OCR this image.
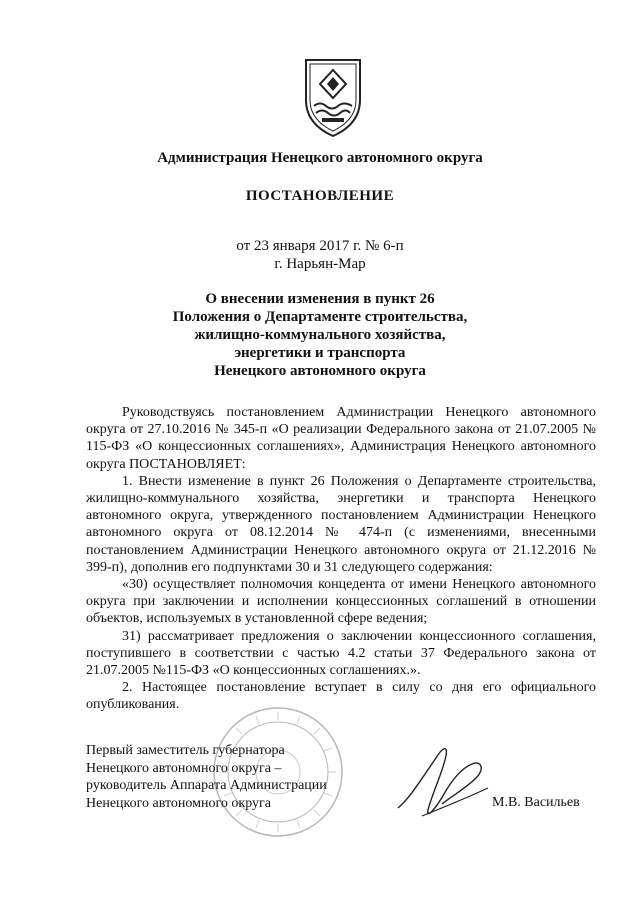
Администрация Ненецкого автономного округа
ПОСТАНОВЛЕНИЕ
от 23 января 2017 г. № 6-п
г. Нарьян-Мар
О внесении изменения в пункт 26
Положения о Департаменте строительства,
жилищно-коммунального хозяйства,
энергетики и транспорта
Ненецкого автономного округа

Руководствуясь постановлением Администрации Ненецкого автономного округа от 27.10.2016 № 345-п «О реализации Федерального закона от 21.07.2005 № 115-ФЗ «О концессионных соглашениях», Администрация Ненецкого автономного округа ПОСТАНОВЛЯЕТ:

1. Внести изменение в пункт 26 Положения о Департаменте строительства, жилищно-коммунального хозяйства, энергетики и транспорта Ненецкого автономного округа, утвержденного постановлением Администрации Ненецкого автономного округа от 08.12.2014 № 474-п (с изменениями, внесенными постановлением Администрации Ненецкого автономного округа от 21.12.2016 № 399-п), дополнив его подпунктами 30 и 31 следующего содержания:

«30) осуществляет полномочия концедента от имени Ненецкого автономного округа при заключении и исполнении концессионных соглашений в отношении объектов, используемых в установленной сфере ведения;

31) рассматривает предложения о заключении концессионного соглашения, поступившего в соответствии с частью 4.2 статьи 37 Федерального закона от 21.07.2005 №115-ФЗ «О концессионных соглашениях.».

2. Настоящее постановление вступает в силу со дня его официального опубликования.

Первый заместитель губернатора
Ненецкого автономного округа –
руководитель Аппарата Администрации
Ненецкого автономного округа	М.В. Васильев
